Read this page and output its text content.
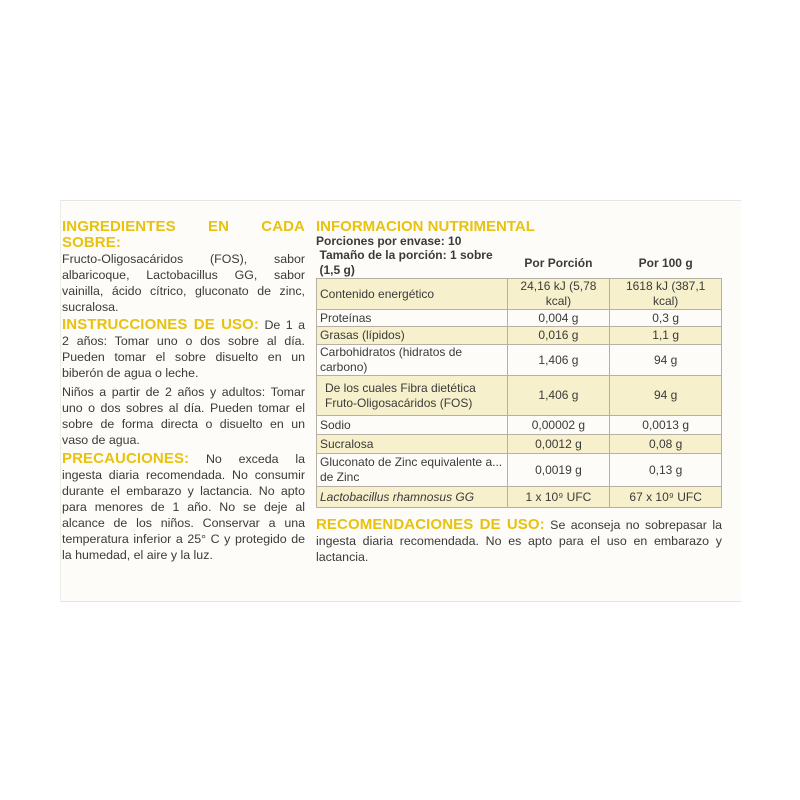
INGREDIENTES EN CADA SOBRE:

Fructo-Oligosacáridos (FOS), sabor albaricoque, Lactobacillus GG, sabor vainilla, ácido cítrico, gluconato de zinc, sucralosa.

INSTRUCCIONES DE USO: De 1 a 2 años: Tomar uno o dos sobre al día. Pueden tomar el sobre disuelto en un biberón de agua o leche.

Niños a partir de 2 años y adultos: Tomar uno o dos sobres al día. Pueden tomar el sobre de forma directa o disuelto en un vaso de agua.

PRECAUCIONES: No exceda la ingesta diaria recomendada. No consumir durante el embarazo y lactancia. No apto para menores de 1 año. No se deje al alcance de los niños. Conservar a una temperatura inferior a 25° C y protegido de la humedad, el aire y la luz.

INFORMACION NUTRIMENTAL
Porciones por envase: 10
Tamaño de la porción: 1 sobre (1,5 g)	Por Porción	Por 100 g
Contenido energético	24,16 kJ (5,78 kcal)	1618 kJ (387,1 kcal)
Proteínas	0,004 g	0,3 g
Grasas (lípidos)	0,016 g	1,1 g
Carbohidratos (hidratos de carbono)	1,406 g	94 g
De los cuales Fibra dietética Fruto-Oligosacáridos (FOS)	1,406 g	94 g
Sodio	0,00002 g	0,0013 g
Sucralosa	0,0012 g	0,08 g
Gluconato de Zinc equivalente a... de Zinc	0,0019 g	0,13 g
Lactobacillus rhamnosus GG	1 x 10⁹ UFC	67 x 10⁹ UFC
RECOMENDACIONES DE USO: Se aconseja no sobrepasar la ingesta diaria recomendada. No es apto para el uso en embarazo y lactancia.
